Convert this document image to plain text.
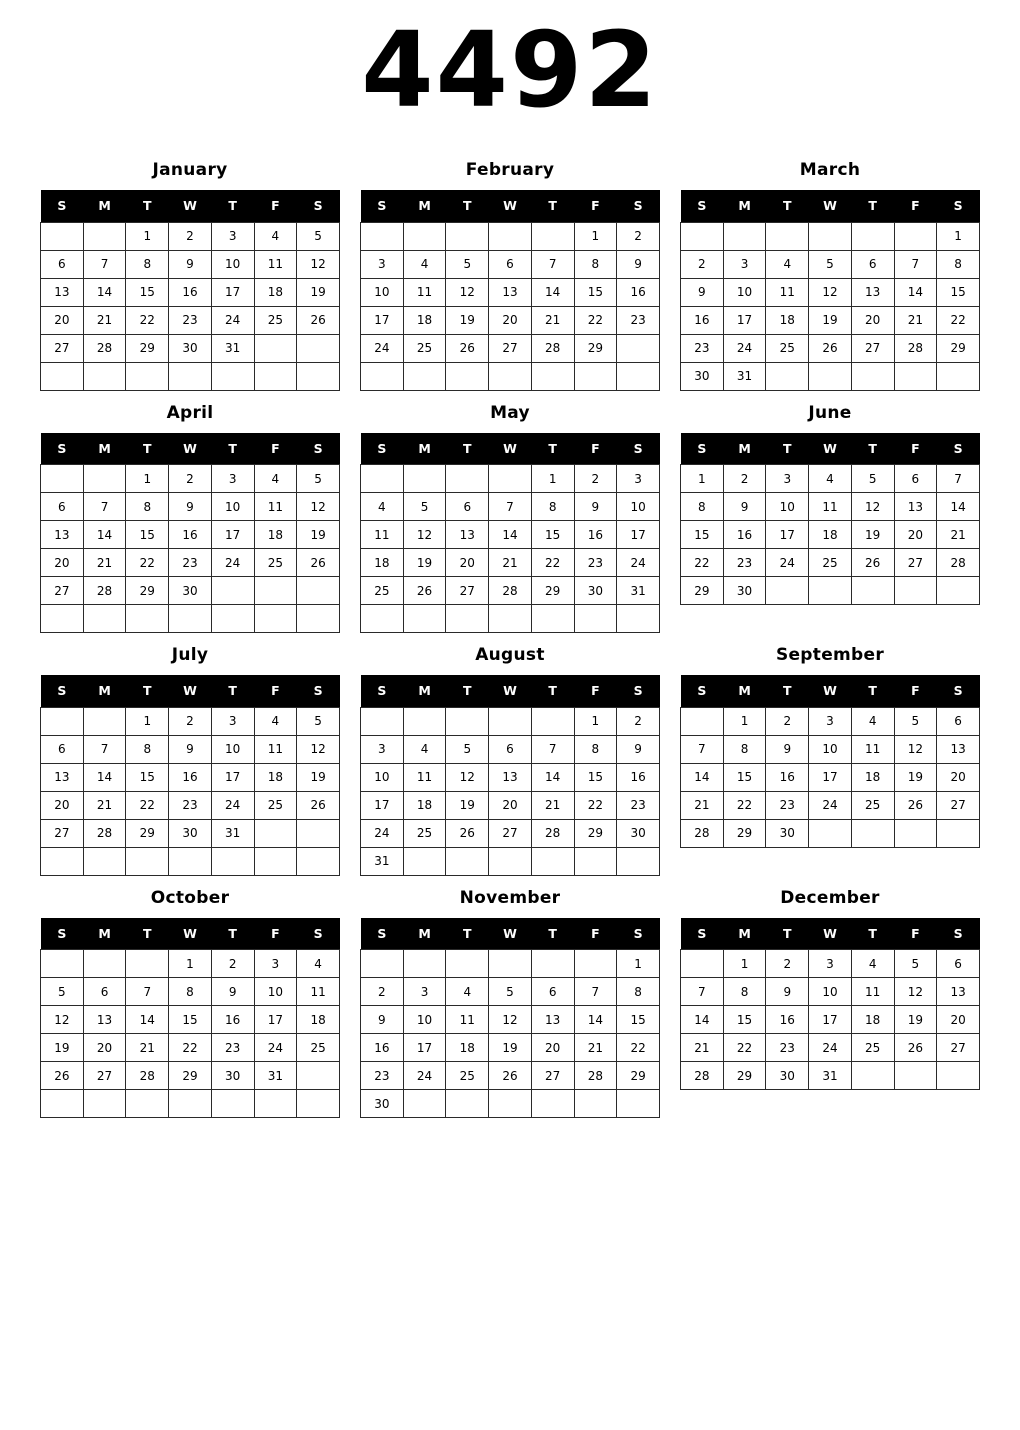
4492
January
S	M	T	W	T	F	S
		1	2	3	4	5
6	7	8	9	10	11	12
13	14	15	16	17	18	19
20	21	22	23	24	25	26
27	28	29	30	31		

February
S	M	T	W	T	F	S
					1	2
3	4	5	6	7	8	9
10	11	12	13	14	15	16
17	18	19	20	21	22	23
24	25	26	27	28	29	

March
S	M	T	W	T	F	S
						1
2	3	4	5	6	7	8
9	10	11	12	13	14	15
16	17	18	19	20	21	22
23	24	25	26	27	28	29
30	31					
April
S	M	T	W	T	F	S
		1	2	3	4	5
6	7	8	9	10	11	12
13	14	15	16	17	18	19
20	21	22	23	24	25	26
27	28	29	30			

May
S	M	T	W	T	F	S
				1	2	3
4	5	6	7	8	9	10
11	12	13	14	15	16	17
18	19	20	21	22	23	24
25	26	27	28	29	30	31

June
S	M	T	W	T	F	S
1	2	3	4	5	6	7
8	9	10	11	12	13	14
15	16	17	18	19	20	21
22	23	24	25	26	27	28
29	30					
July
S	M	T	W	T	F	S
		1	2	3	4	5
6	7	8	9	10	11	12
13	14	15	16	17	18	19
20	21	22	23	24	25	26
27	28	29	30	31		

August
S	M	T	W	T	F	S
					1	2
3	4	5	6	7	8	9
10	11	12	13	14	15	16
17	18	19	20	21	22	23
24	25	26	27	28	29	30
31						
September
S	M	T	W	T	F	S
	1	2	3	4	5	6
7	8	9	10	11	12	13
14	15	16	17	18	19	20
21	22	23	24	25	26	27
28	29	30				
October
S	M	T	W	T	F	S
			1	2	3	4
5	6	7	8	9	10	11
12	13	14	15	16	17	18
19	20	21	22	23	24	25
26	27	28	29	30	31	

November
S	M	T	W	T	F	S
						1
2	3	4	5	6	7	8
9	10	11	12	13	14	15
16	17	18	19	20	21	22
23	24	25	26	27	28	29
30						
December
S	M	T	W	T	F	S
	1	2	3	4	5	6
7	8	9	10	11	12	13
14	15	16	17	18	19	20
21	22	23	24	25	26	27
28	29	30	31			
